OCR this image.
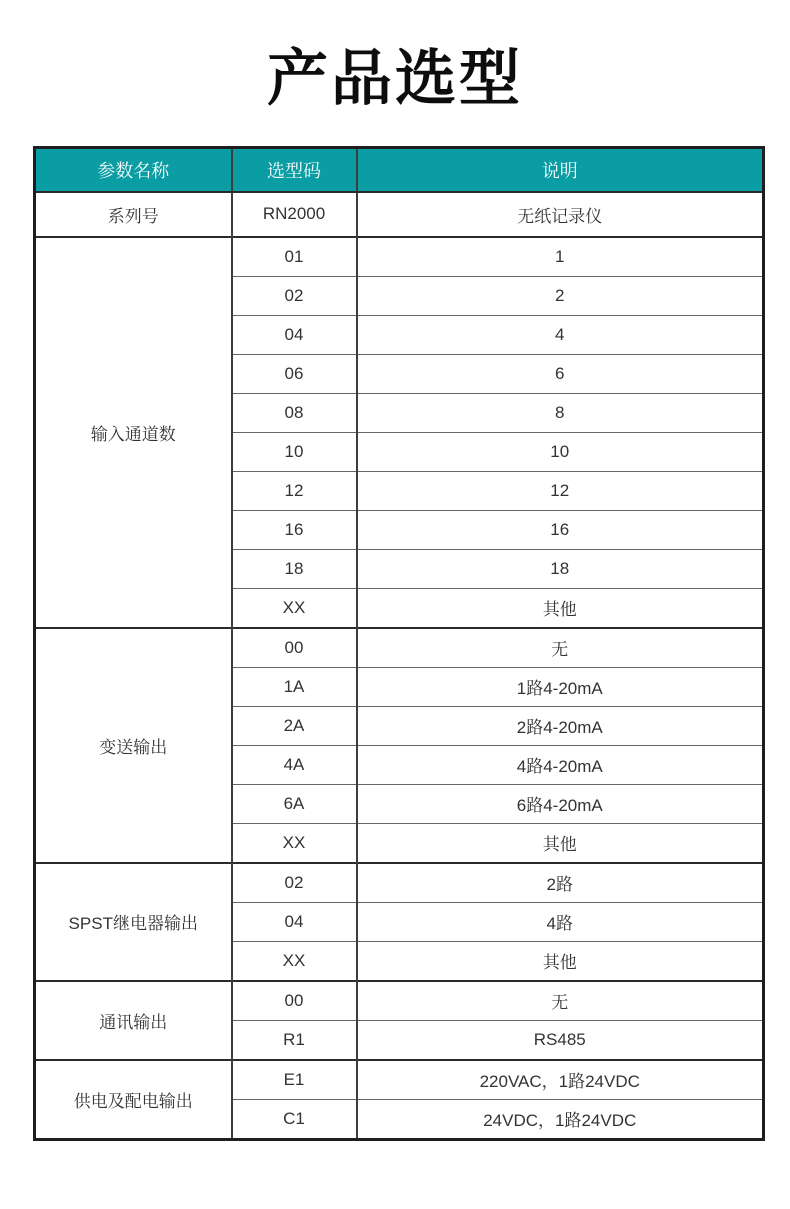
产品选型
参数名称	选型码	说明
系列号	RN2000	无纸记录仪
输入通道数	01	1
	02	2
	04	4
	06	6
	08	8
	10	10
	12	12
	16	16
	18	18
	XX	其他
变送输出	00	无
	1A	1路4-20mA
	2A	2路4-20mA
	4A	4路4-20mA
	6A	6路4-20mA
	XX	其他
SPST继电器输出	02	2路
	04	4路
	XX	其他
通讯输出	00	无
	R1	RS485
供电及配电输出	E1	220VAC，1路24VDC
	C1	24VDC，1路24VDC
